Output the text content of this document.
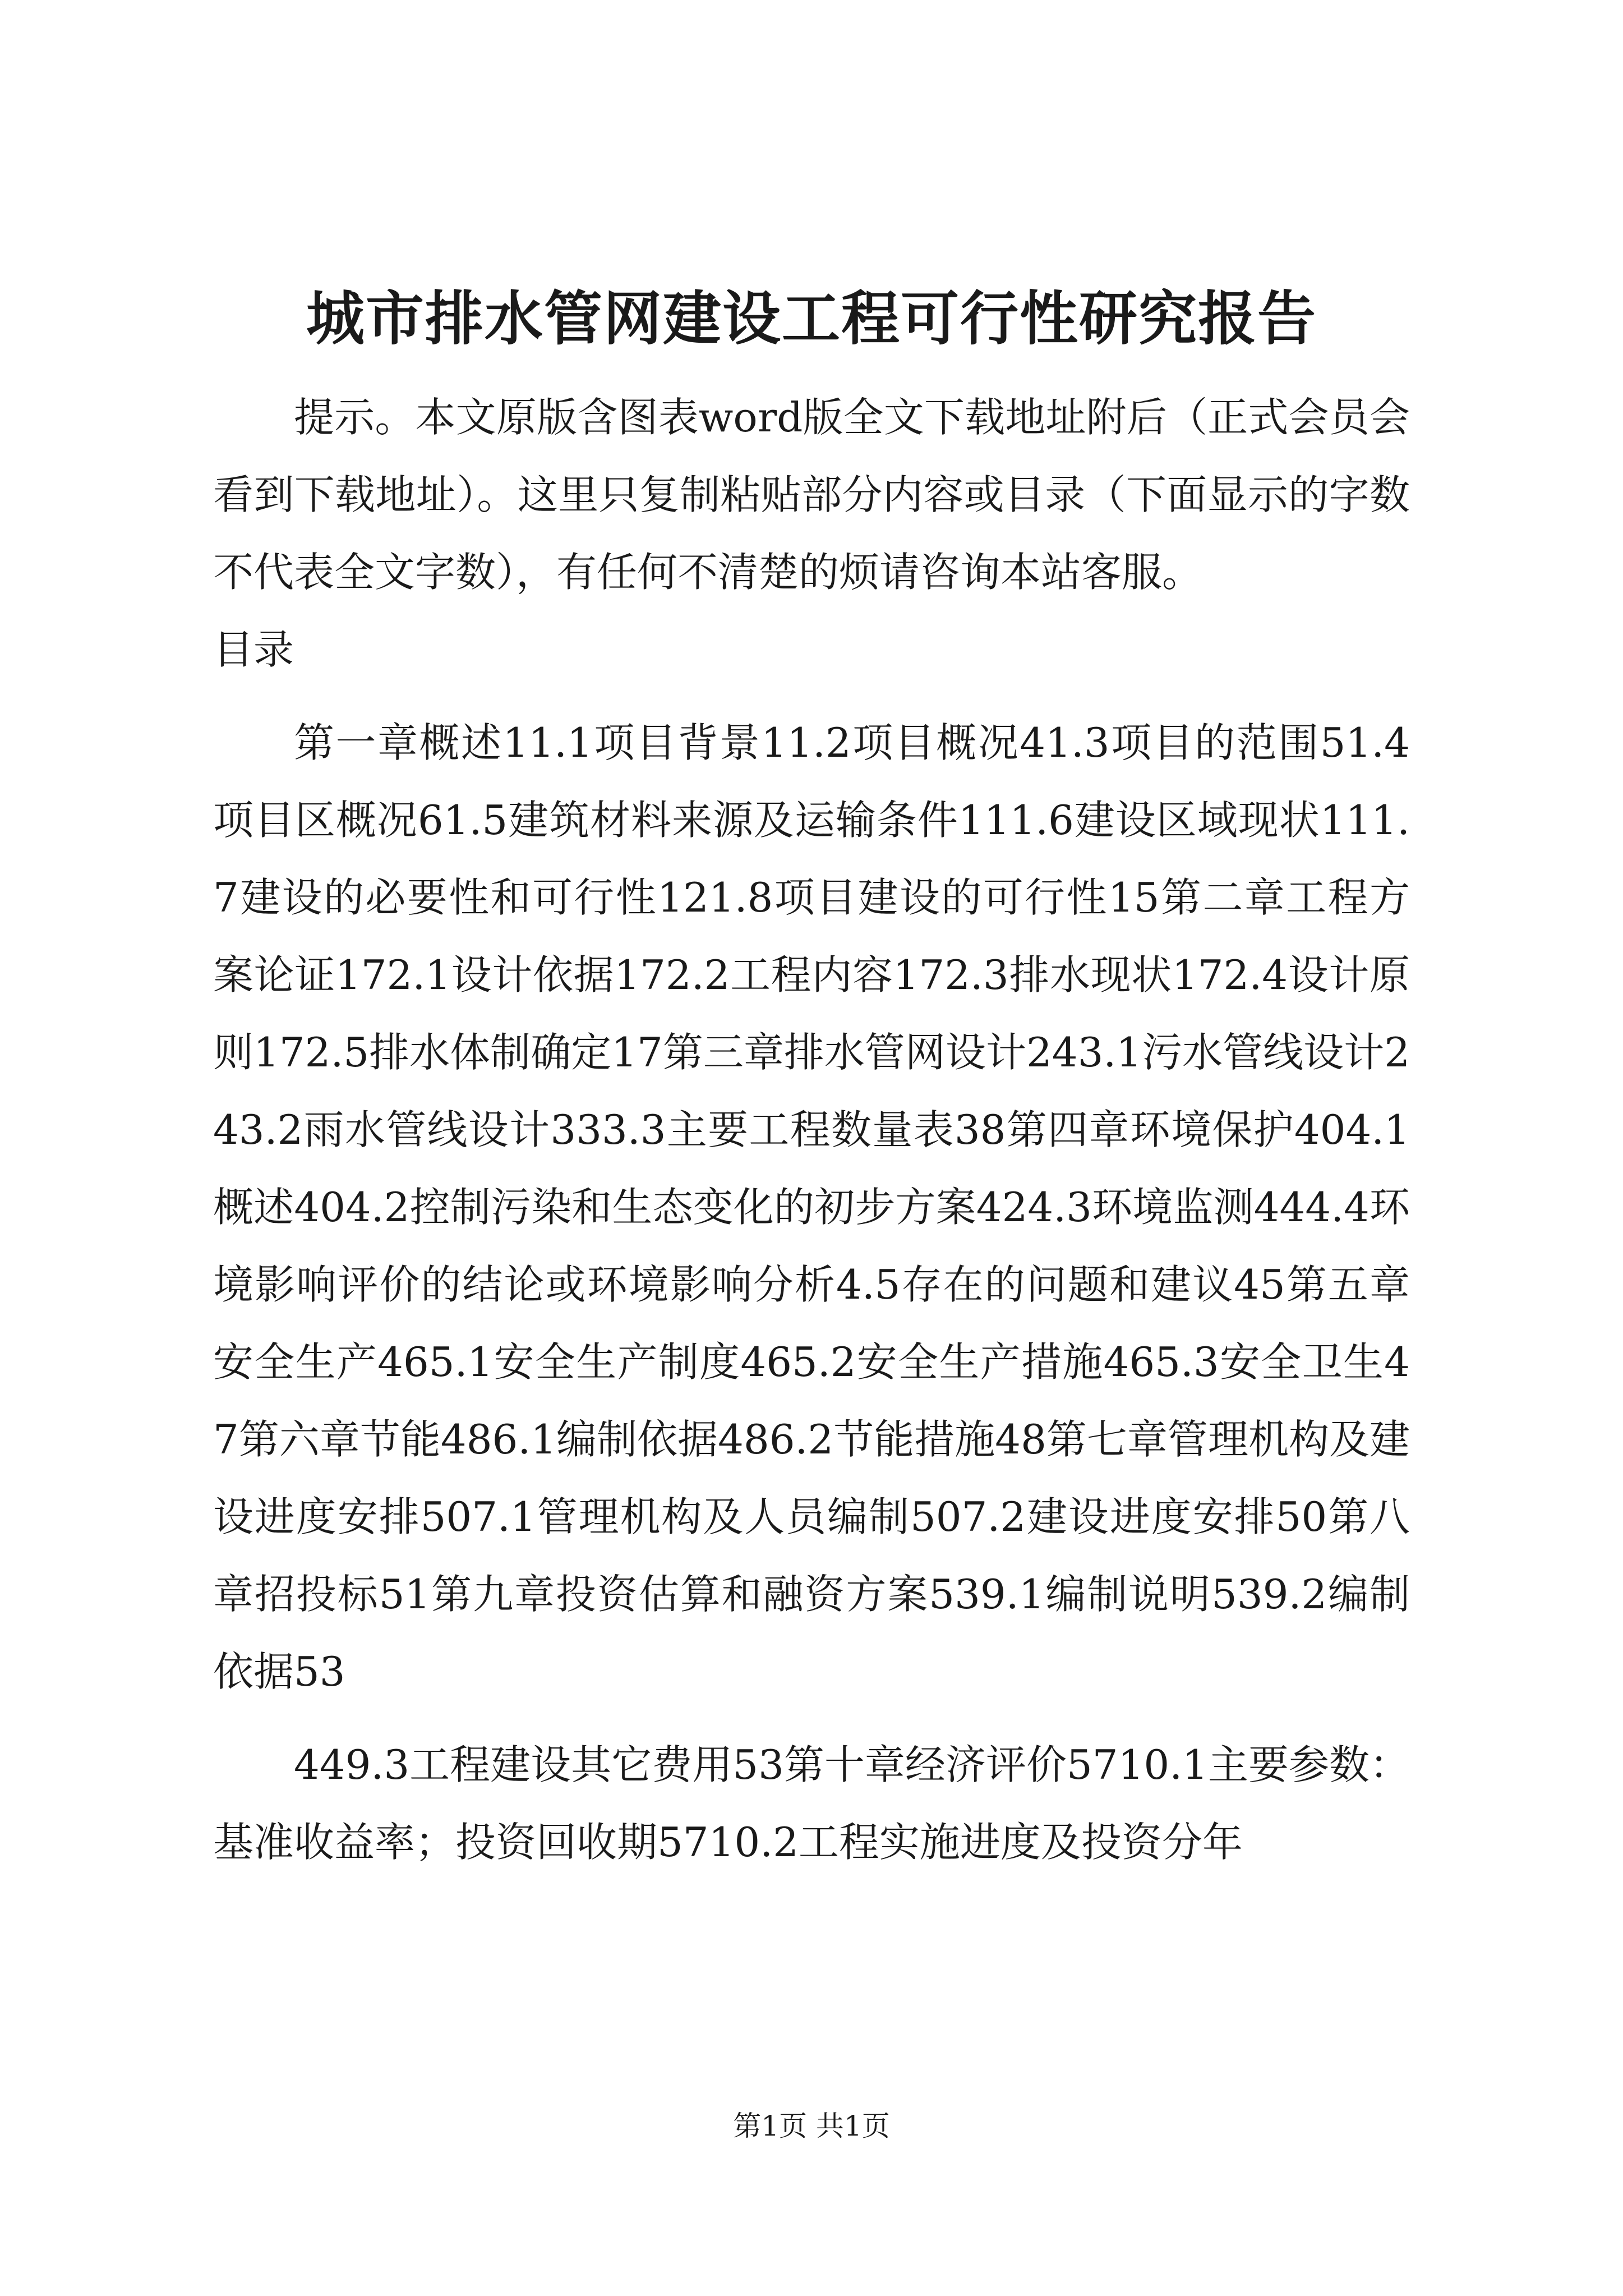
城市排水管网建设工程可行性研究报告

提示。本文原版含图表word版全文下载地址附后（正式会员会看到下载地址）。这里只复制粘贴部分内容或目录（下面显示的字数不代表全文字数），有任何不清楚的烦请咨询本站客服。

目录

第一章概述11.1项目背景11.2项目概况41.3项目的范围51.4项目区概况61.5建筑材料来源及运输条件111.6建设区域现状111.7建设的必要性和可行性121.8项目建设的可行性15第二章工程方案论证172.1设计依据172.2工程内容172.3排水现状172.4设计原则172.5排水体制确定17第三章排水管网设计243.1污水管线设计243.2雨水管线设计333.3主要工程数量表38第四章环境保护404.1概述404.2控制污染和生态变化的初步方案424.3环境监测444.4环境影响评价的结论或环境影响分析4.5存在的问题和建议45第五章安全生产465.1安全生产制度465.2安全生产措施465.3安全卫生47第六章节能486.1编制依据486.2节能措施48第七章管理机构及建设进度安排507.1管理机构及人员编制507.2建设进度安排50第八章招投标51第九章投资估算和融资方案539.1编制说明539.2编制依据53

449.3工程建设其它费用53第十章经济评价5710.1主要参数：基准收益率；投资回收期5710.2工程实施进度及投资分年

第1页 共1页
